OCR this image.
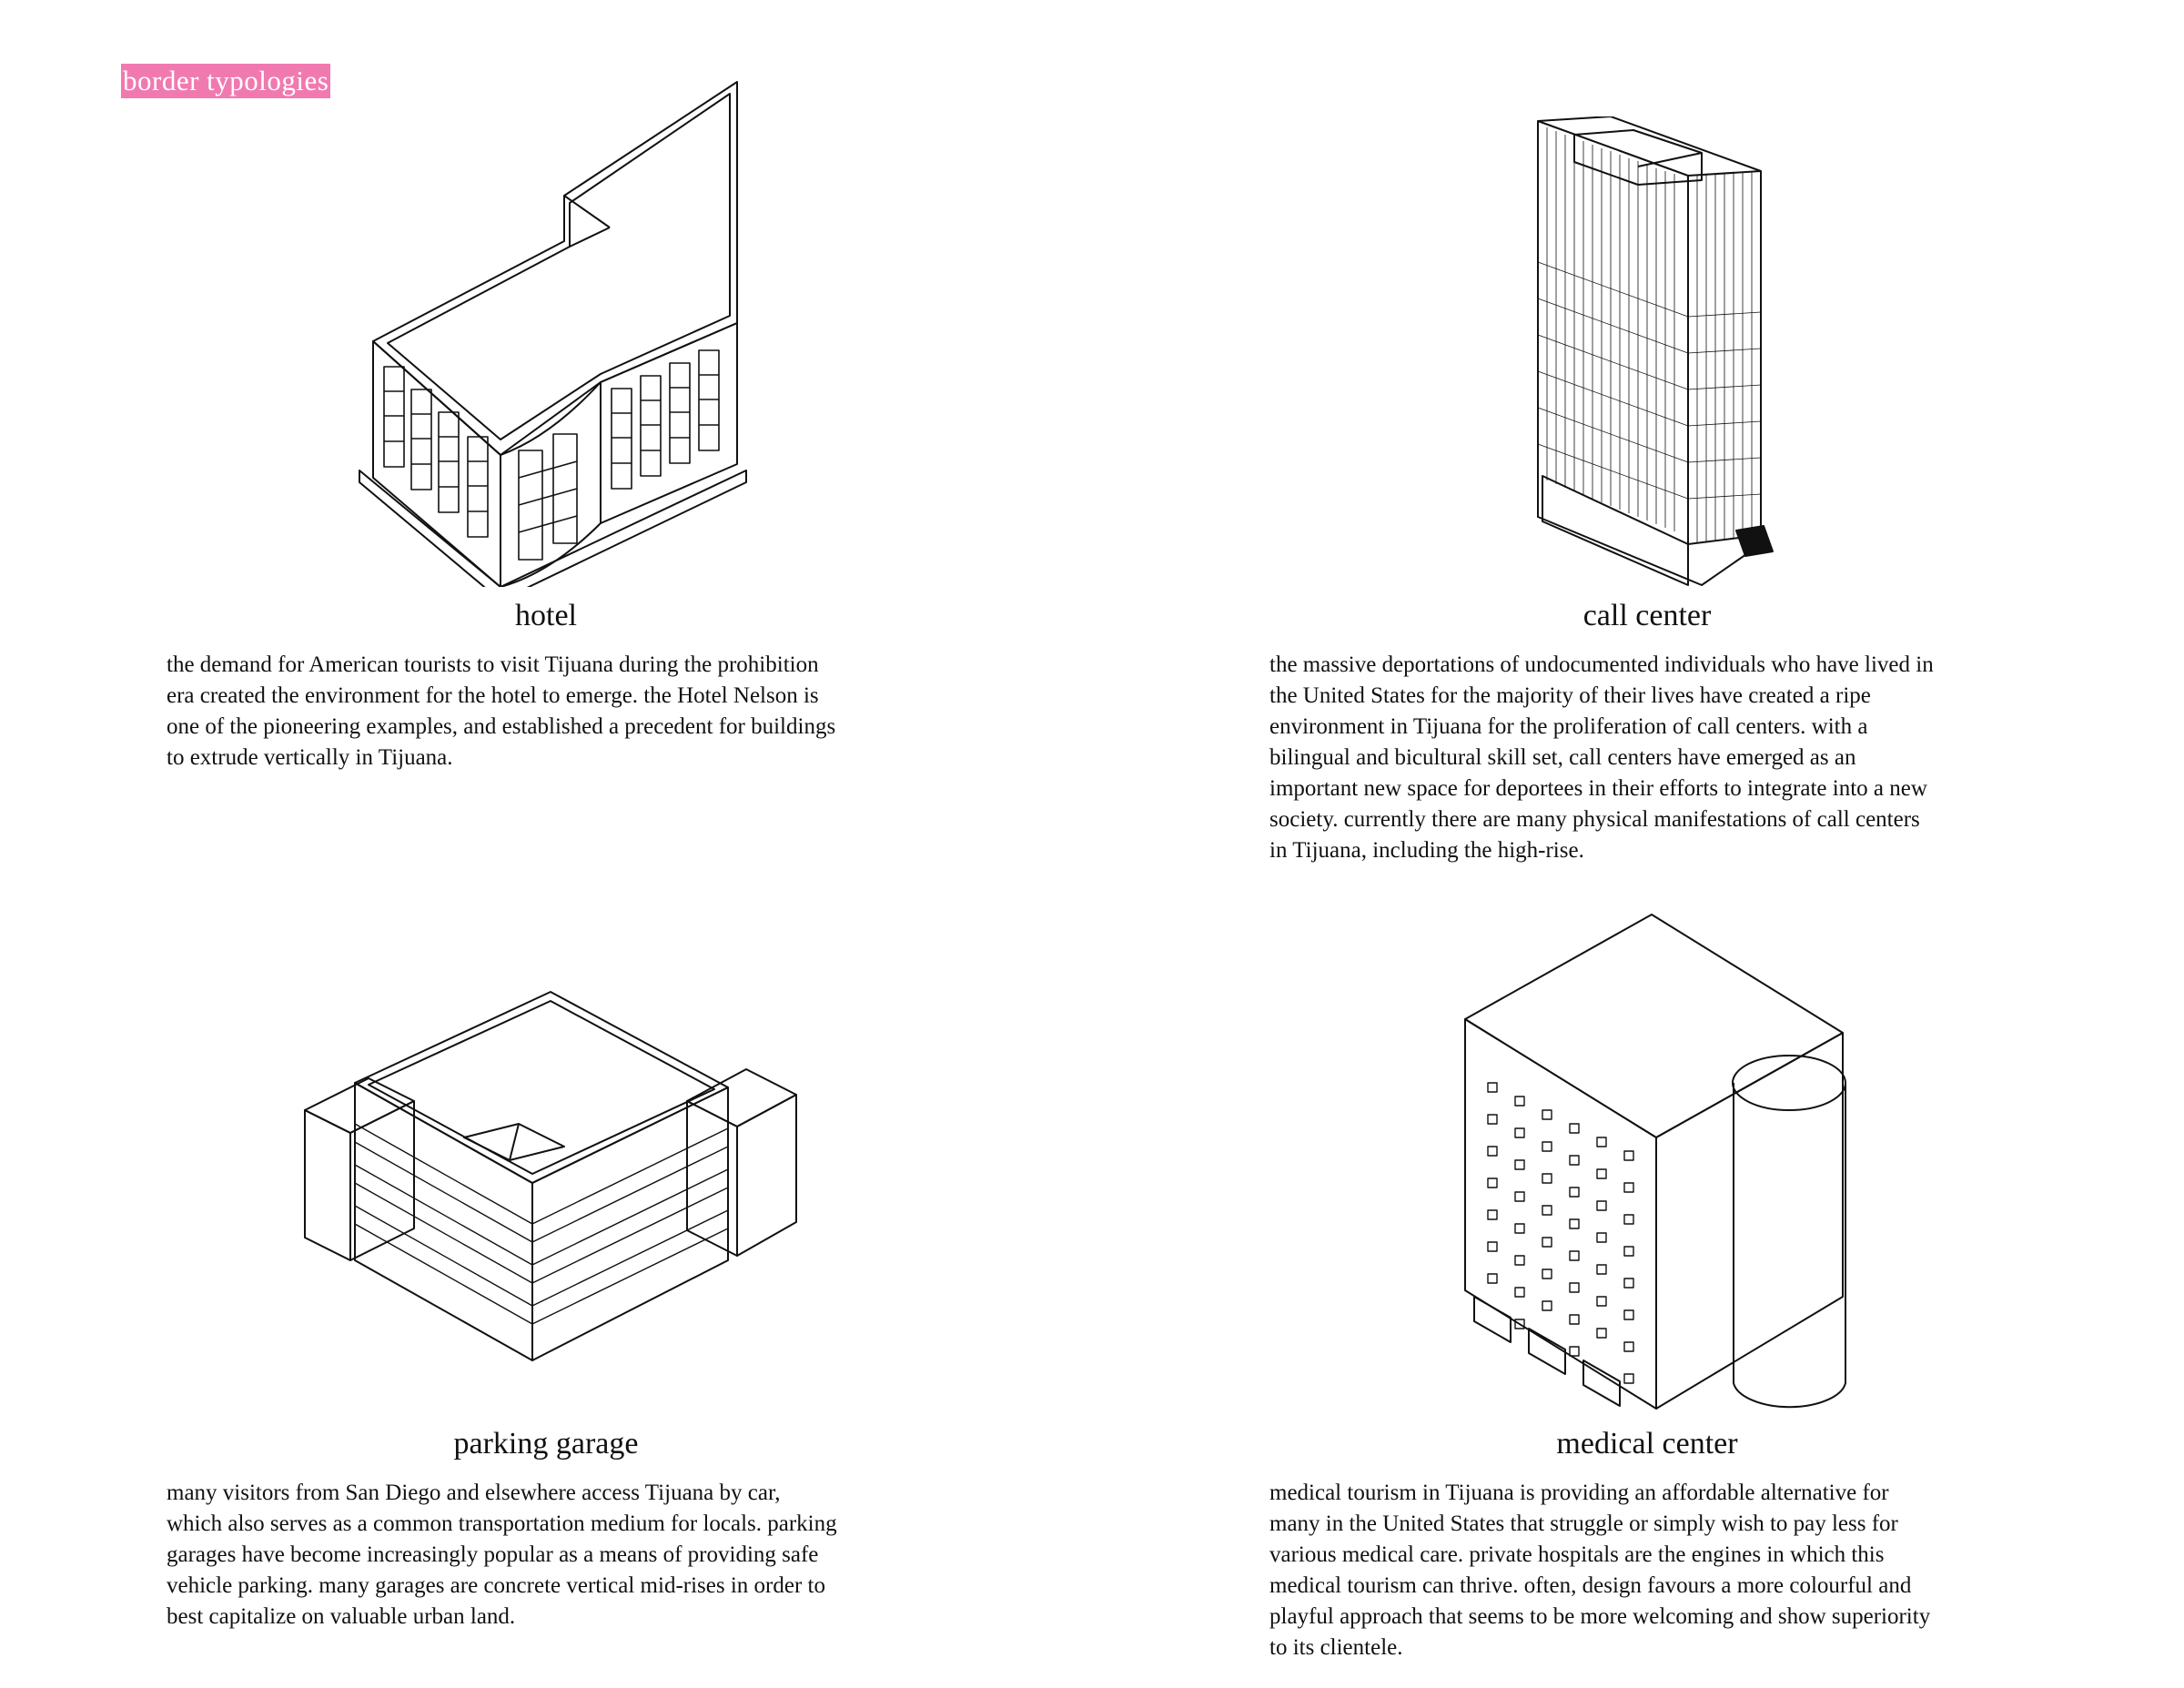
border typologies
hotel	call center
parking garage	medical center
the demand for American tourists to visit Tijuana during the prohibition
era created the environment for the hotel to emerge. the Hotel Nelson is
one of the pioneering examples, and established a precedent for buildings
to extrude vertically in Tijuana.
the massive deportations of undocumented individuals who have lived in
the United States for the majority of their lives have created a ripe
environment in Tijuana for the proliferation of call centers. with a
bilingual and bicultural skill set, call centers have emerged as an
important new space for deportees in their efforts to integrate into a new
society. currently there are many physical manifestations of call centers
in Tijuana, including the high-rise.
many visitors from San Diego and elsewhere access Tijuana by car,
which also serves as a common transportation medium for locals. parking
garages have become increasingly popular as a means of providing safe
vehicle parking. many garages are concrete vertical mid-rises in order to
best capitalize on valuable urban land.
medical tourism in Tijuana is providing an affordable alternative for
many in the United States that struggle or simply wish to pay less for
various medical care. private hospitals are the engines in which this
medical tourism can thrive. often, design favours a more colourful and
playful approach that seems to be more welcoming and show superiority
to its clientele.
